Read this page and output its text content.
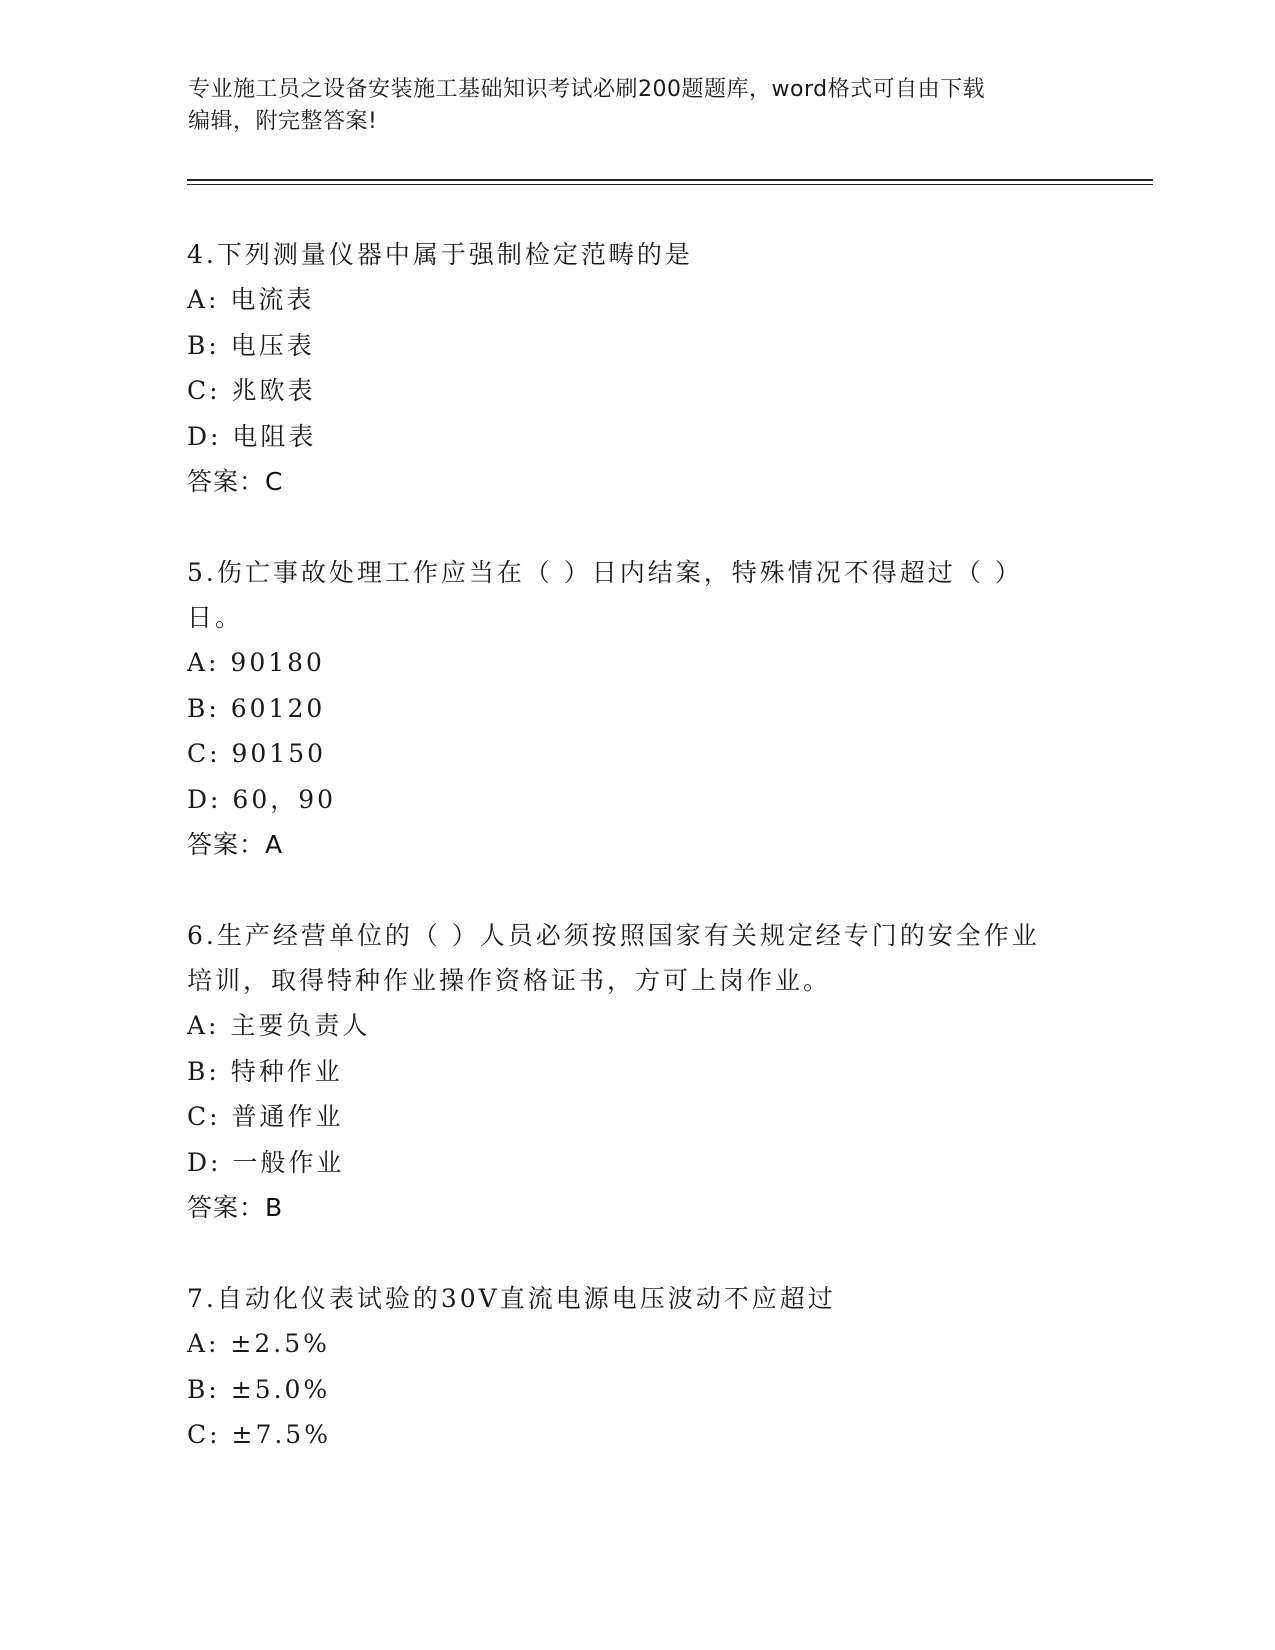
专业施工员之设备安装施工基础知识考试必刷200题题库，word格式可自由下载
编辑，附完整答案!
4.下列测量仪器中属于强制检定范畴的是
A: 电流表
B: 电压表
C: 兆欧表
D: 电阻表
答案：C
5.伤亡事故处理工作应当在（ ）日内结案，特殊情况不得超过（ ）
日。
A: 90180
B: 60120
C: 90150
D: 60，90
答案：A
6.生产经营单位的（ ）人员必须按照国家有关规定经专门的安全作业
培训，取得特种作业操作资格证书，方可上岗作业。
A: 主要负责人
B: 特种作业
C: 普通作业
D: 一般作业
答案：B
7.自动化仪表试验的30V直流电源电压波动不应超过
A: ±2.5%
B: ±5.0%
C: ±7.5%
